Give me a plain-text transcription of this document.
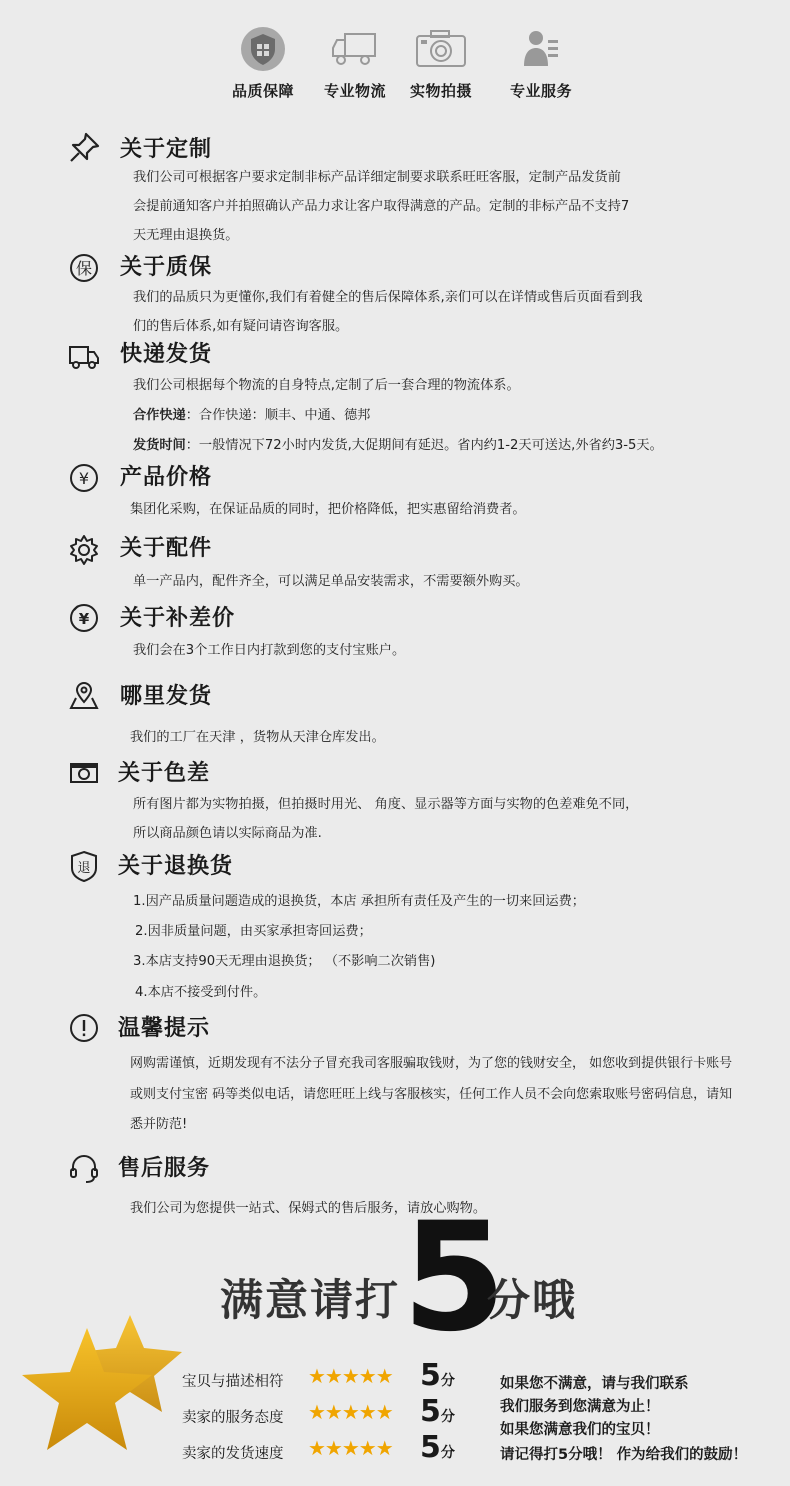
品质保障	专业物流	实物拍摄	专业服务
关于定制
我们公司可根据客户要求定制非标产品详细定制要求联系旺旺客服，定制产品发货前
会提前通知客户并拍照确认产品力求让客户取得满意的产品。定制的非标产品不支持7
天无理由退换货。
保 关于质保
我们的品质只为更懂你,我们有着健全的售后保障体系,亲们可以在详情或售后页面看到我
们的售后体系,如有疑问请咨询客服。
快递发货
我们公司根据每个物流的自身特点,定制了后一套合理的物流体系。
合作快递：合作快递：顺丰、中通、德邦
发货时间：一般情况下72小时内发货,大促期间有延迟。省内约1-2天可送达,外省约3-5天。
¥ 产品价格
集团化采购，在保证品质的同时，把价格降低，把实惠留给消费者。
关于配件
单一产品内，配件齐全，可以满足单品安装需求，不需要额外购买。
¥ 关于补差价
我们会在3个工作日内打款到您的支付宝账户。
哪里发货
我们的工厂在天津 ，货物从天津仓库发出。
关于色差
所有图片都为实物拍摄，但拍摄时用光、 角度、显示器等方面与实物的色差难免不同，
所以商品颜色请以实际商品为准.
退 关于退换货
1.因产品质量问题造成的退换货，本店 承担所有责任及产生的一切来回运费；
2.因非质量问题，由买家承担寄回运费；
3.本店支持90天无理由退换货； （不影响二次销售)
4.本店不接受到付件。
温馨提示
网购需谨慎，近期发现有不法分子冒充我司客服骗取钱财，为了您的钱财安全， 如您收到提供银行卡账号
或则支付宝密 码等类似电话，请您旺旺上线与客服核实，任何工作人员不会向您索取账号密码信息，请知
悉并防范!
售后服务
我们公司为您提供一站式、保姆式的售后服务，请放心购物。
满意请打 5
分哦
宝贝与描述相符 ★★★★★ 5分
卖家的服务态度 ★★★★★ 5分
卖家的发货速度 ★★★★★ 5分
如果您不满意，请与我们联系
我们服务到您满意为止！
如果您满意我们的宝贝！
请记得打5分哦！ 作为给我们的鼓励！
